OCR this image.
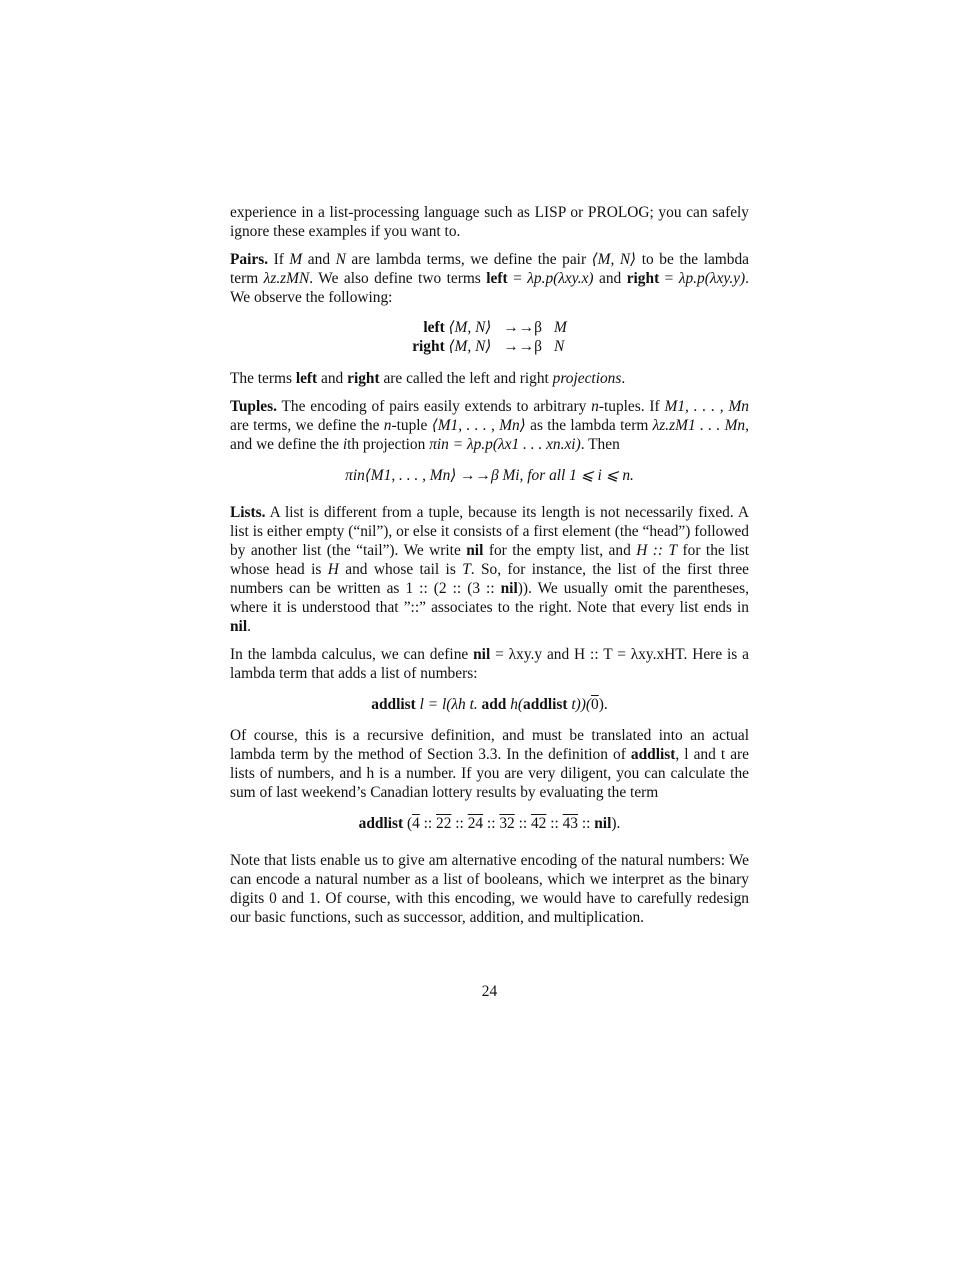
experience in a list-processing language such as LISP or PROLOG; you can safely ignore these examples if you want to.

Pairs. If M and N are lambda terms, we define the pair ⟨M, N⟩ to be the lambda term λz.zMN. We also define two terms left = λp.p(λxy.x) and right = λp.p(λxy.y). We observe the following:

left ⟨M, N⟩	→→β	M
right ⟨M, N⟩	→→β	N

The terms left and right are called the left and right projections.

Tuples. The encoding of pairs easily extends to arbitrary n-tuples. If M1, . . . , Mn are terms, we define the n-tuple ⟨M1, . . . , Mn⟩ as the lambda term λz.zM1 . . . Mn, and we define the ith projection πin = λp.p(λx1 . . . xn.xi). Then

πin⟨M1, . . . , Mn⟩ →→β Mi, for all 1 ⩽ i ⩽ n.

Lists. A list is different from a tuple, because its length is not necessarily fixed. A list is either empty (“nil”), or else it consists of a first element (the “head”) followed by another list (the “tail”). We write nil for the empty list, and H :: T for the list whose head is H and whose tail is T. So, for instance, the list of the first three numbers can be written as 1 :: (2 :: (3 :: nil)). We usually omit the parentheses, where it is understood that ”::” associates to the right. Note that every list ends in nil.

In the lambda calculus, we can define nil = λxy.y and H :: T = λxy.xHT. Here is a lambda term that adds a list of numbers:

addlist l = l(λh t. add h(addlist t))(0).

Of course, this is a recursive definition, and must be translated into an actual lambda term by the method of Section 3.3. In the definition of addlist, l and t are lists of numbers, and h is a number. If you are very diligent, you can calculate the sum of last weekend’s Canadian lottery results by evaluating the term

addlist (4 :: 22 :: 24 :: 32 :: 42 :: 43 :: nil).

Note that lists enable us to give am alternative encoding of the natural numbers: We can encode a natural number as a list of booleans, which we interpret as the binary digits 0 and 1. Of course, with this encoding, we would have to carefully redesign our basic functions, such as successor, addition, and multiplication.

24
